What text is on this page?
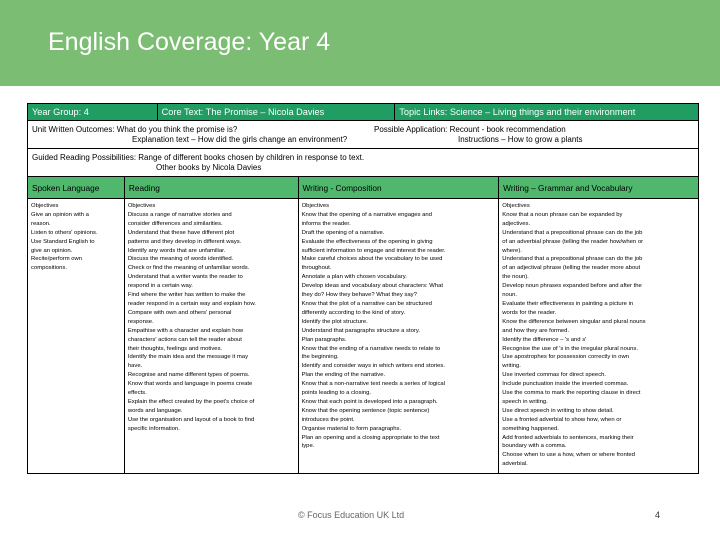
English Coverage: Year 4
Year Group: 4	Core Text: The Promise – Nicola Davies	Topic Links: Science – Living things and their environment
Unit Written Outcomes: What do you think the promise is?
Explanation text – How did the girls change an environment?
Possible Application: Recount - book recommendation
Instructions – How to grow a plants
Guided Reading Possibilities: Range of different books chosen by children in response to text.
Other books by Nicola Davies
Spoken Language	Reading	Writing - Composition	Writing – Grammar and Vocabulary
Objectives
Give an opinion with a
reason.
Listen to others' opinions.
Use Standard English to
give an opinion.
Recite/perform own
compositions.

Objectives
Discuss a range of narrative stories and
consider differences and similarities.
Understand that these have different plot
patterns and they develop in different ways.
Identify any words that are unfamiliar.
Discuss the meaning of words identified.
Check or find the meaning of unfamiliar words.
Understand that a writer wants the reader to
respond in a certain way.
Find where the writer has written to make the
reader respond in a certain way and explain how.
Compare with own and others' personal
response.
Empathise with a character and explain how
characters' actions can tell the reader about
their thoughts, feelings and motives.
Identify the main idea and the message it may
have.
Recognise and name different types of poems.
Know that words and language in poems create
effects.
Explain the effect created by the poet's choice of
words and language.
Use the organisation and layout of a book to find
specific information.

Objectives
Know that the opening of a narrative engages and
informs the reader.
Draft the opening of a narrative.
Evaluate the effectiveness of the opening in giving
sufficient information to engage and interest the reader.
Make careful choices about the vocabulary to be used
throughout.
Annotate a plan with chosen vocabulary.
Develop ideas and vocabulary about characters: What
they do? How they behave? What they say?
Know that the plot of a narrative can be structured
differently according to the kind of story.
Identify the plot structure.
Understand that paragraphs structure a story.
Plan paragraphs.
Know that the ending of a narrative needs to relate to
the beginning.
Identify and consider ways in which writers end stories.
Plan the ending of the narrative.
Know that a non-narrative text needs a series of logical
points leading to a closing.
Know that each point is developed into a paragraph.
Know that the opening sentence (topic sentence)
introduces the point.
Organise material to form paragraphs.
Plan an opening and a closing appropriate to the text
type.

Objectives
Know that a noun phrase can be expanded by
adjectives.
Understand that a prepositional phrase can do the job
of an adverbial phrase (telling the reader how/when or
where).
Understand that a prepositional phrase can do the job
of an adjectival phrase (telling the reader more about
the noun).
Develop noun phrases expanded before and after the
noun.
Evaluate their effectiveness in painting a picture in
words for the reader.
Know the difference between singular and plural nouns
and how they are formed.
Identify the difference – 's and s'
Recognise the use of 's in the irregular plural nouns.
Use apostrophes for possession correctly in own
writing.
Use inverted commas for direct speech.
Include punctuation inside the inverted commas.
Use the comma to mark the reporting clause in direct
speech in writing.
Use direct speech in writing to show detail.
Use a fronted adverbial to show how, when or
something happened.
Add fronted adverbials to sentences, marking their
boundary with a comma.
Choose when to use a how, when or where fronted
adverbial.
© Focus Education UK Ltd	4
